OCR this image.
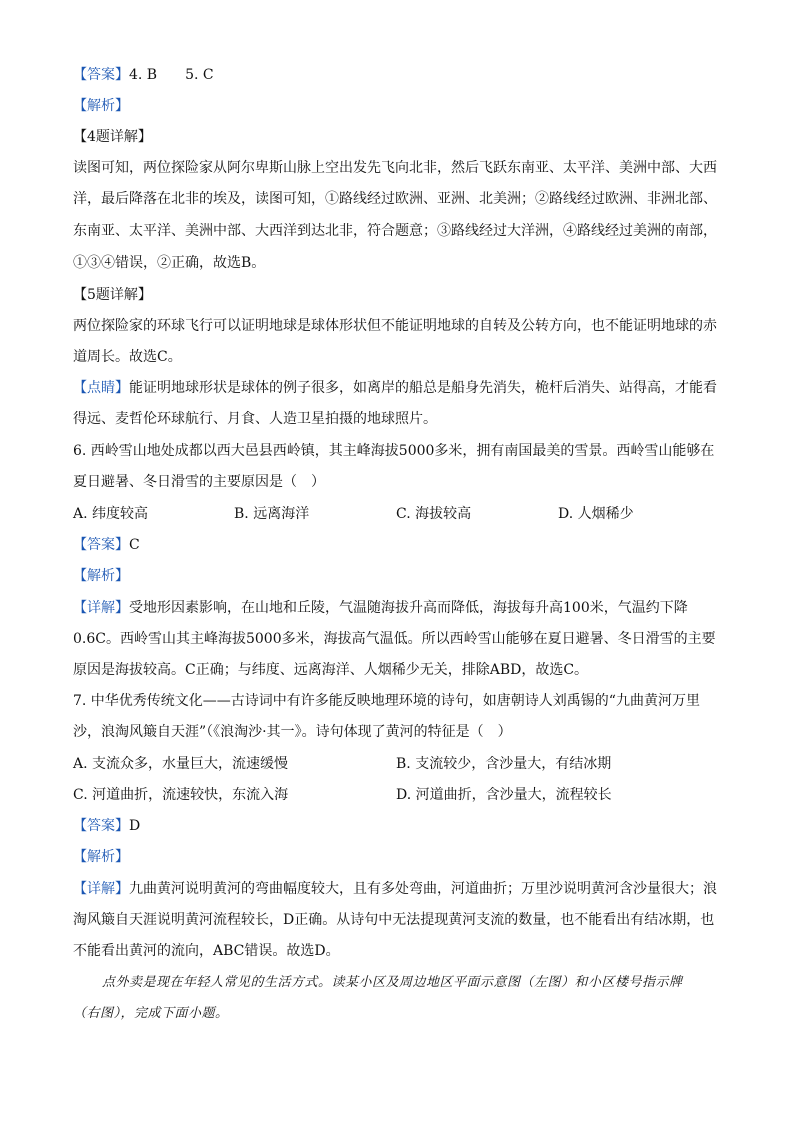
【答案】4. B　　5. C
【解析】
【4题详解】
读图可知，两位探险家从阿尔卑斯山脉上空出发先飞向北非，然后飞跃东南亚、太平洋、美洲中部、大西
洋，最后降落在北非的埃及，读图可知，①路线经过欧洲、亚洲、北美洲；②路线经过欧洲、非洲北部、
东南亚、太平洋、美洲中部、大西洋到达北非，符合题意；③路线经过大洋洲，④路线经过美洲的南部，
①③④错误，②正确，故选B。
【5题详解】
两位探险家的环球飞行可以证明地球是球体形状但不能证明地球的自转及公转方向，也不能证明地球的赤
道周长。故选C。
【点睛】能证明地球形状是球体的例子很多，如离岸的船总是船身先消失，桅杆后消失、站得高，才能看
得远、麦哲伦环球航行、月食、人造卫星拍摄的地球照片。
6. 西岭雪山地处成都以西大邑县西岭镇，其主峰海拔5000多米，拥有南国最美的雪景。西岭雪山能够在
夏日避暑、冬日滑雪的主要原因是（　）
A. 纬度较高	B. 远离海洋	C. 海拔较高	D. 人烟稀少
【答案】C
【解析】
【详解】受地形因素影响，在山地和丘陵，气温随海拔升高而降低，海拔每升高100米，气温约下降
0.6C。西岭雪山其主峰海拔5000多米，海拔高气温低。所以西岭雪山能够在夏日避暑、冬日滑雪的主要
原因是海拔较高。C正确；与纬度、远离海洋、人烟稀少无关，排除ABD，故选C。
7. 中华优秀传统文化——古诗词中有许多能反映地理环境的诗句，如唐朝诗人刘禹锡的“九曲黄河万里
沙，浪淘风簸自天涯”（《浪淘沙·其一》。诗句体现了黄河的特征是（　）
A. 支流众多，水量巨大，流速缓慢	B. 支流较少，含沙量大，有结冰期
C. 河道曲折，流速较快，东流入海	D. 河道曲折，含沙量大，流程较长
【答案】D
【解析】
【详解】九曲黄河说明黄河的弯曲幅度较大，且有多处弯曲，河道曲折；万里沙说明黄河含沙量很大；浪
淘风簸自天涯说明黄河流程较长，D正确。从诗句中无法提现黄河支流的数量，也不能看出有结冰期，也
不能看出黄河的流向，ABC错误。故选D。
点外卖是现在年轻人常见的生活方式。读某小区及周边地区平面示意图（左图）和小区楼号指示牌
（右图），完成下面小题。
